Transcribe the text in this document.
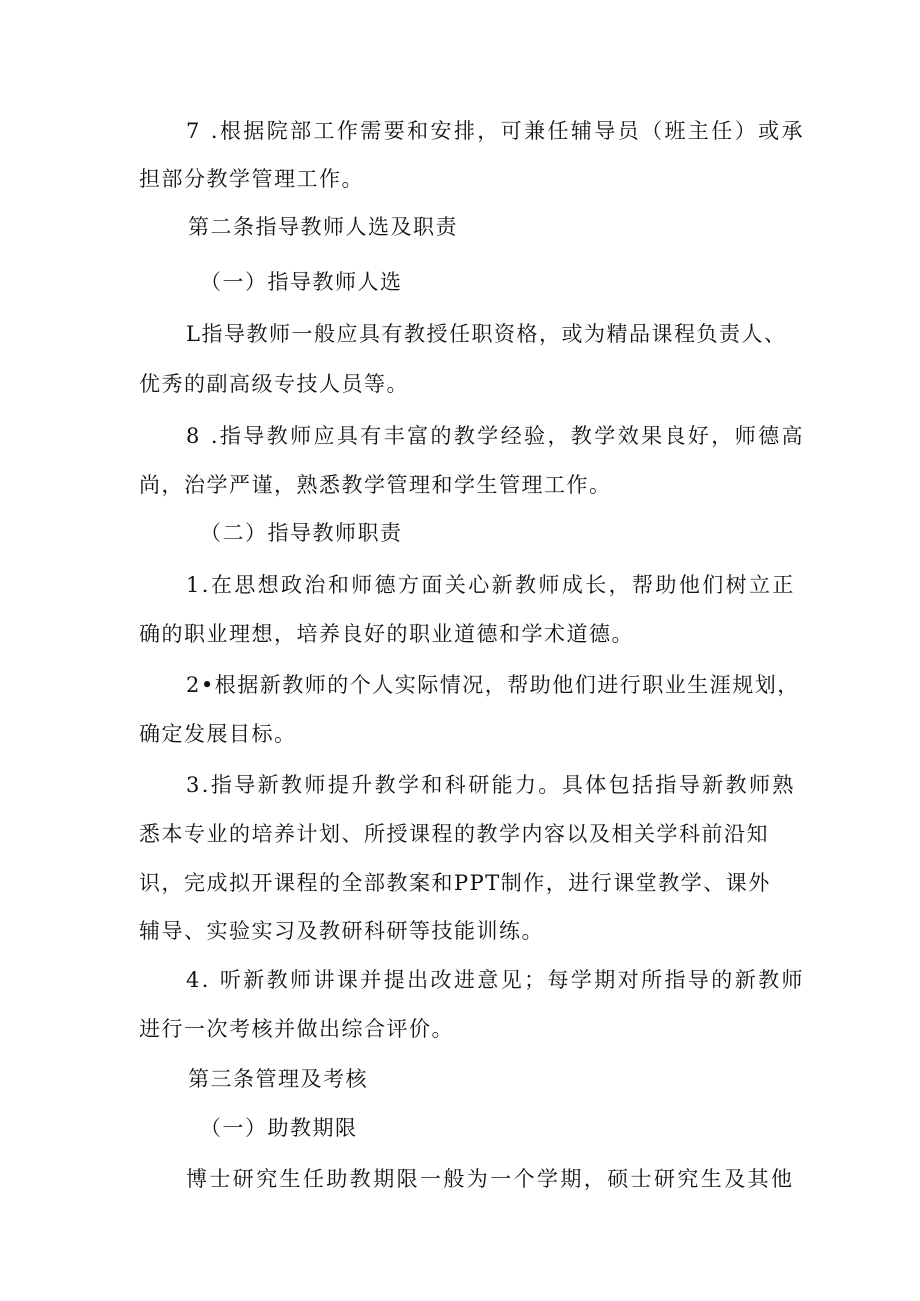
7 .根据院部工作需要和安排，可兼任辅导员（班主任）或承
担部分教学管理工作。
第二条指导教师人选及职责
（一）指导教师人选
L指导教师一般应具有教授任职资格，或为精品课程负责人、
优秀的副高级专技人员等。
8 .指导教师应具有丰富的教学经验，教学效果良好，师德高
尚，治学严谨，熟悉教学管理和学生管理工作。
（二）指导教师职责
1.在思想政治和师德方面关心新教师成长，帮助他们树立正
确的职业理想，培养良好的职业道德和学术道德。
2•根据新教师的个人实际情况，帮助他们进行职业生涯规划，
确定发展目标。
3.指导新教师提升教学和科研能力。具体包括指导新教师熟
悉本专业的培养计划、所授课程的教学内容以及相关学科前沿知
识，完成拟开课程的全部教案和PPT制作，进行课堂教学、课外
辅导、实验实习及教研科研等技能训练。
4. 听新教师讲课并提出改进意见；每学期对所指导的新教师
进行一次考核并做出综合评价。
第三条管理及考核
（一）助教期限
博士研究生任助教期限一般为一个学期，硕士研究生及其他
